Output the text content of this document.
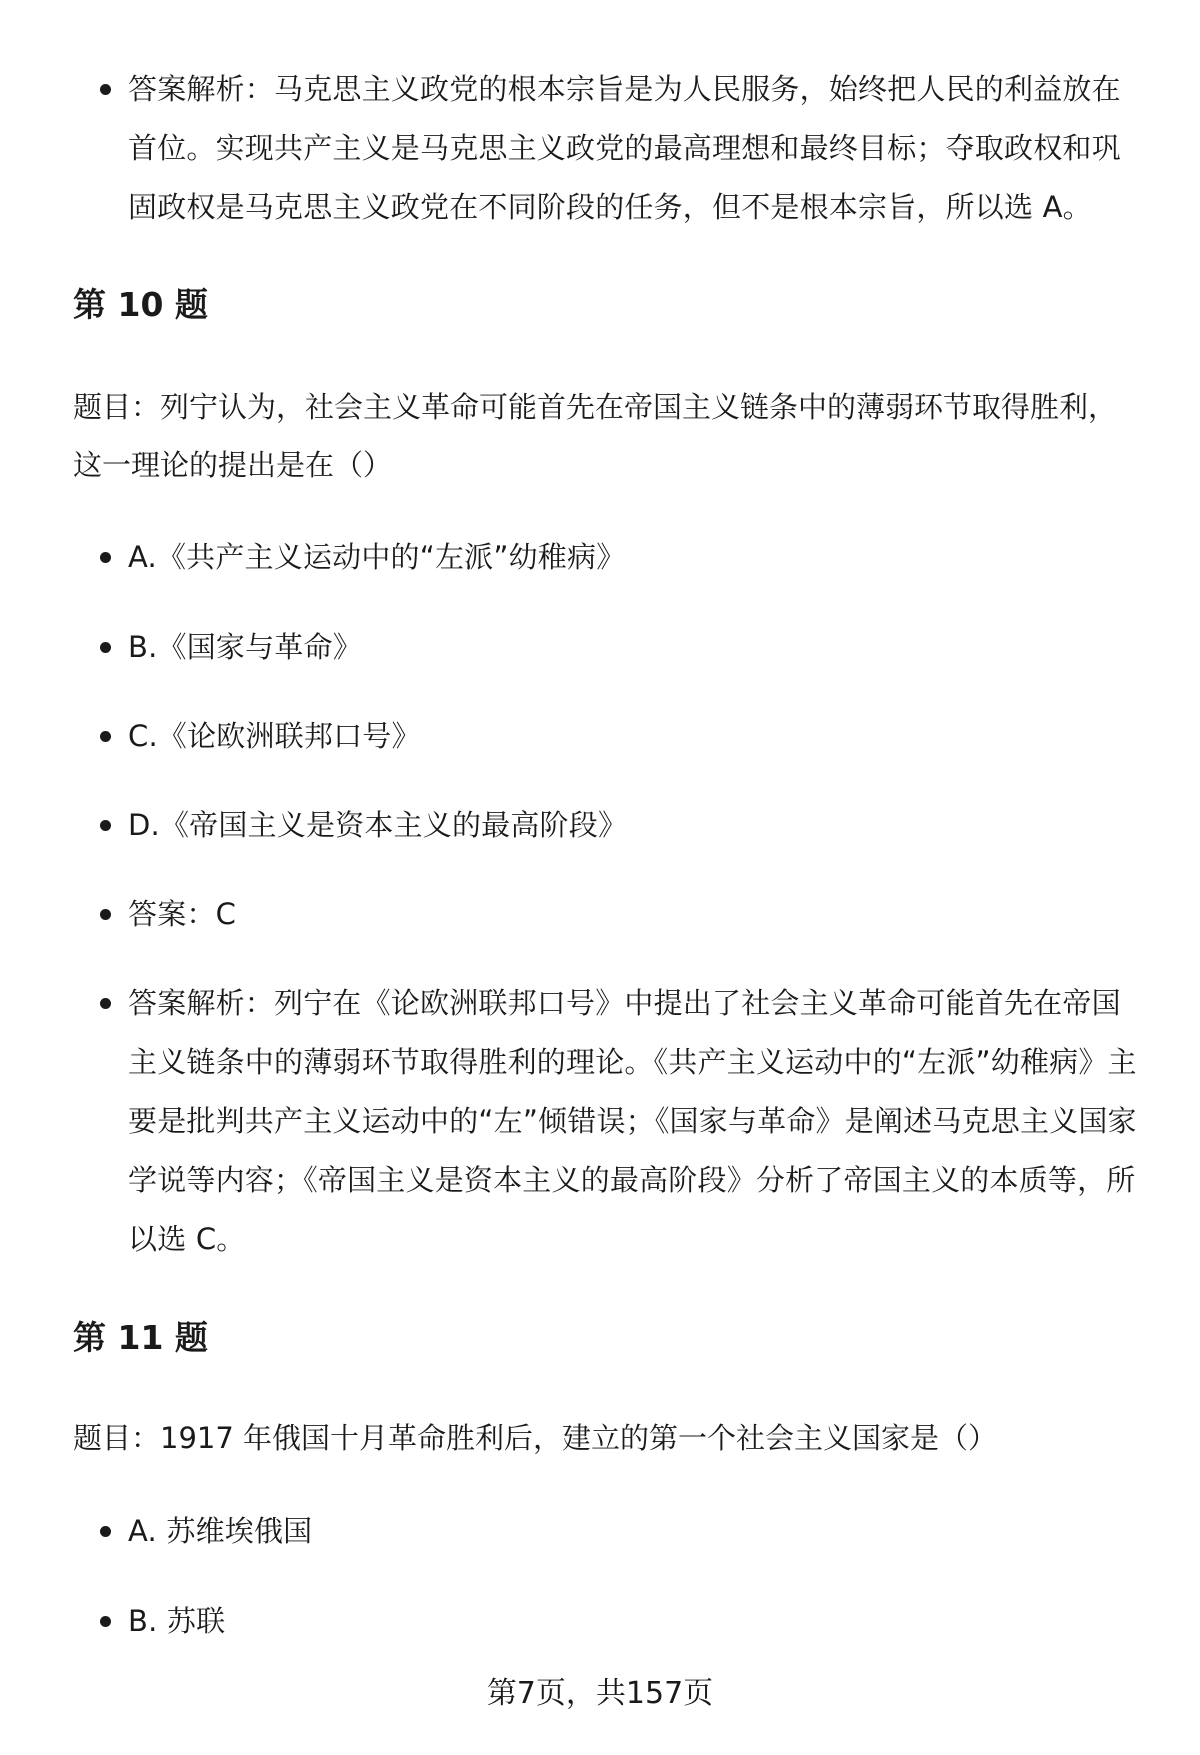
答案解析：马克思主义政党的根本宗旨是为人民服务，始终把人民的利益放在首位。实现共产主义是马克思主义政党的最高理想和最终目标；夺取政权和巩固政权是马克思主义政党在不同阶段的任务，但不是根本宗旨，所以选 A。
第 10 题
题目：列宁认为，社会主义革命可能首先在帝国主义链条中的薄弱环节取得胜利，这一理论的提出是在（）
A.《共产主义运动中的“左派”幼稚病》
B.《国家与革命》
C.《论欧洲联邦口号》
D.《帝国主义是资本主义的最高阶段》
答案：C
答案解析：列宁在《论欧洲联邦口号》中提出了社会主义革命可能首先在帝国主义链条中的薄弱环节取得胜利的理论。《共产主义运动中的“左派”幼稚病》主要是批判共产主义运动中的“左”倾错误；《国家与革命》是阐述马克思主义国家学说等内容；《帝国主义是资本主义的最高阶段》分析了帝国主义的本质等，所以选 C。
第 11 题
题目：1917 年俄国十月革命胜利后，建立的第一个社会主义国家是（）
A. 苏维埃俄国
B. 苏联
第7页，共157页
